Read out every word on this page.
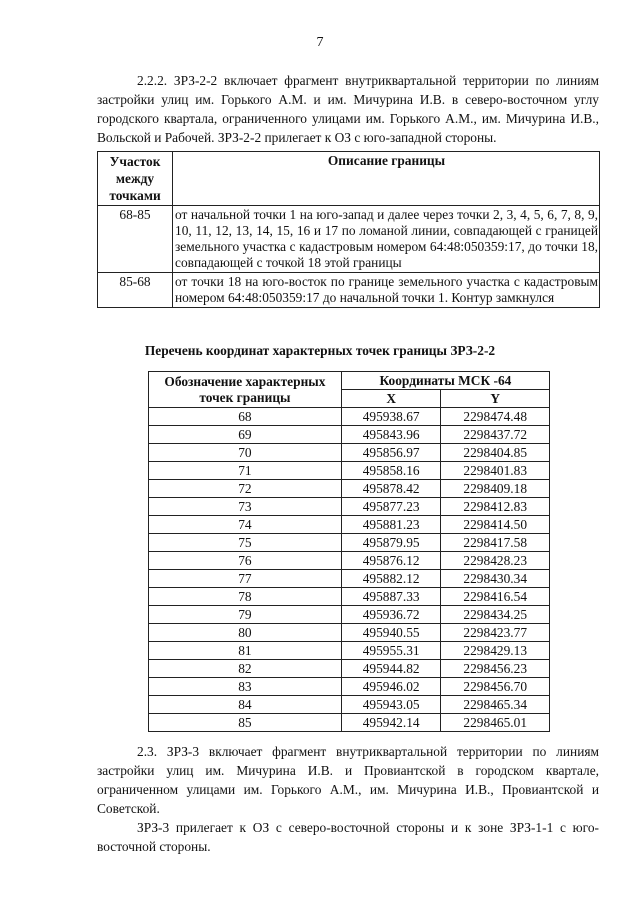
7

2.2.2. ЗРЗ-2-2 включает фрагмент внутриквартальной территории по линиям застройки улиц им. Горького А.М. и им. Мичурина И.В. в северо-восточном углу городского квартала, ограниченного улицами им. Горького А.М., им. Мичурина И.В., Вольской и Рабочей. ЗРЗ-2-2 прилегает к ОЗ с юго-западной стороны.

Участок между точками	Описание границы
68-85	от начальной точки 1 на юго-запад и далее через точки 2, 3, 4, 5, 6, 7, 8, 9, 10, 11, 12, 13, 14, 15, 16 и 17 по ломаной линии, совпадающей с границей земельного участка с кадастровым номером 64:48:050359:17, до точки 18, совпадающей с точкой 18 этой границы
85-68	от точки 18 на юго-восток по границе земельного участка с кадастровым номером 64:48:050359:17 до начальной точки 1. Контур замкнулся
Перечень координат характерных точек границы ЗРЗ-2-2
Обозначение характерных точек границы	Координаты МСК -64	
	X	Y
68	495938.67	2298474.48
69	495843.96	2298437.72
70	495856.97	2298404.85
71	495858.16	2298401.83
72	495878.42	2298409.18
73	495877.23	2298412.83
74	495881.23	2298414.50
75	495879.95	2298417.58
76	495876.12	2298428.23
77	495882.12	2298430.34
78	495887.33	2298416.54
79	495936.72	2298434.25
80	495940.55	2298423.77
81	495955.31	2298429.13
82	495944.82	2298456.23
83	495946.02	2298456.70
84	495943.05	2298465.34
85	495942.14	2298465.01

2.3. ЗРЗ-3 включает фрагмент внутриквартальной территории по линиям застройки улиц им. Мичурина И.В. и Провиантской в городском квартале, ограниченном улицами им. Горького А.М., им. Мичурина И.В., Провиантской и Советской.

ЗРЗ-3 прилегает к ОЗ с северо-восточной стороны и к зоне ЗРЗ-1-1 с юго-восточной стороны.
